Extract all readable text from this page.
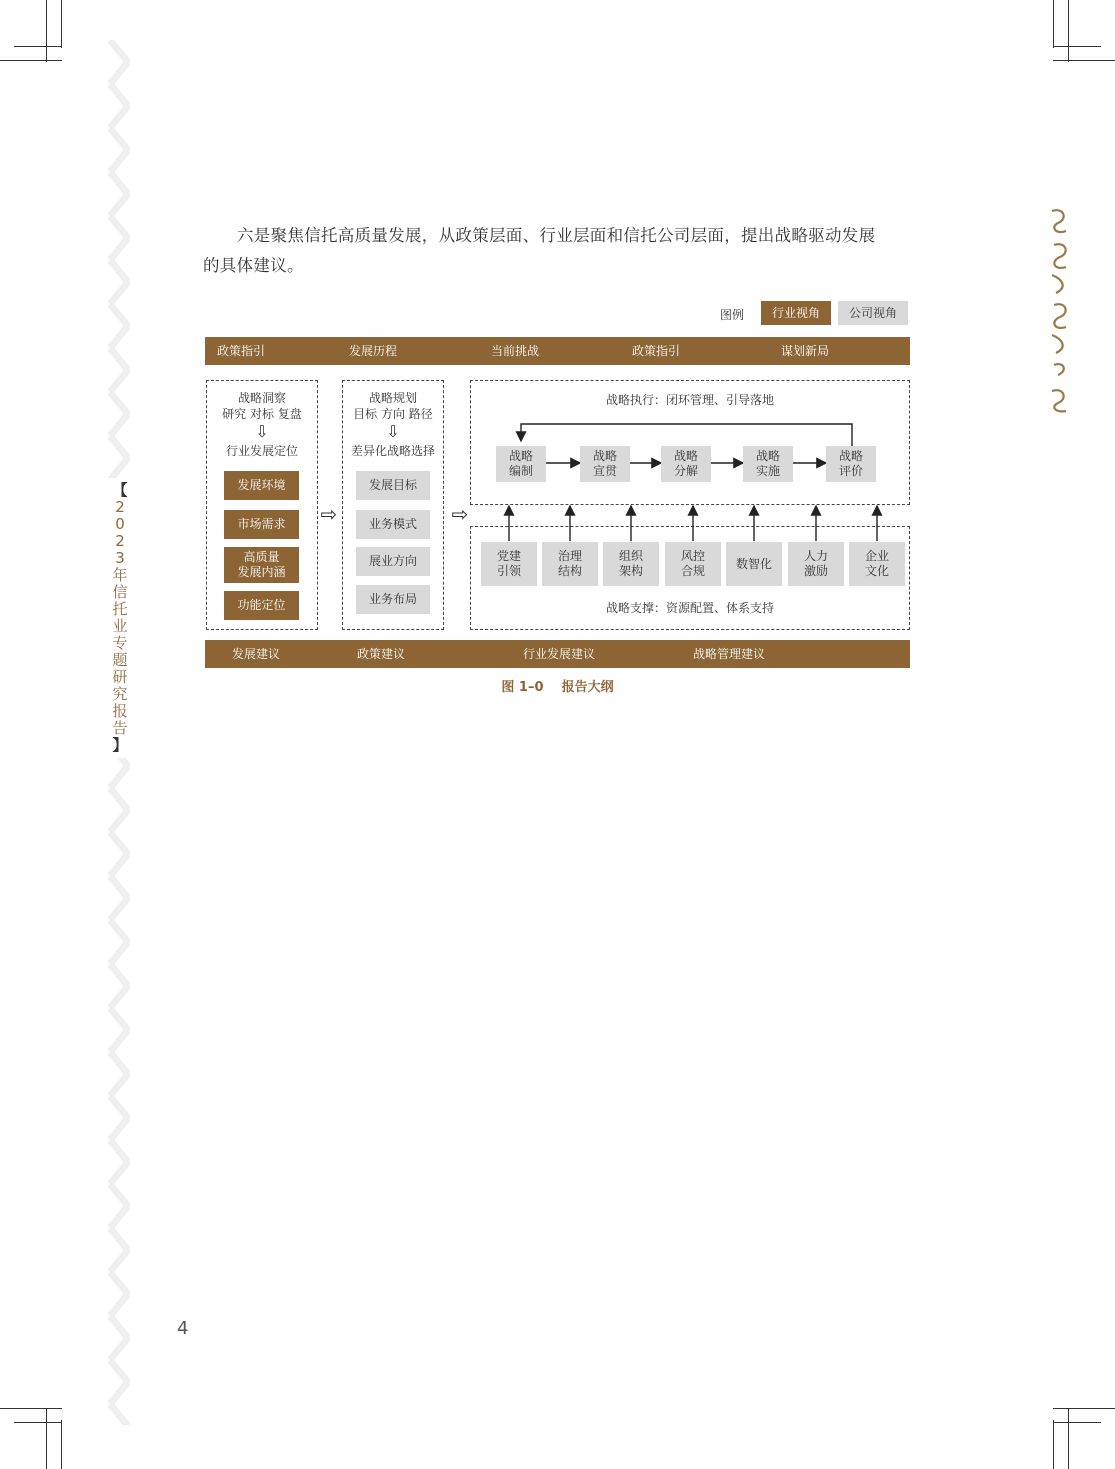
【
2
0
2
3
年
信
托
业
专
题
研
究
报
告
】
六是聚焦信托高质量发展，从政策层面、行业层面和信托公司层面，提出战略驱动发展
的具体建议。
图例	行业视角	公司视角
政策指引	发展历程	当前挑战	政策指引	谋划新局
战略洞察
研究 对标 复盘
⇩
行业发展定位
发展环境
市场需求
高质量
发展内涵
功能定位
⇨
战略规划
目标 方向 路径
⇩
差异化战略选择
发展目标
业务模式
展业方向
业务布局
⇨
战略执行：闭环管理、引导落地
战略支撑：资源配置、体系支持
战略
编制
战略
宣贯
战略
分解
战略
实施
战略
评价
党建
引领
治理
结构
组织
架构
风控
合规
数智化
人力
激励
企业
文化
发展建议	政策建议	行业发展建议	战略管理建议
图 1–0 报告大纲
4
